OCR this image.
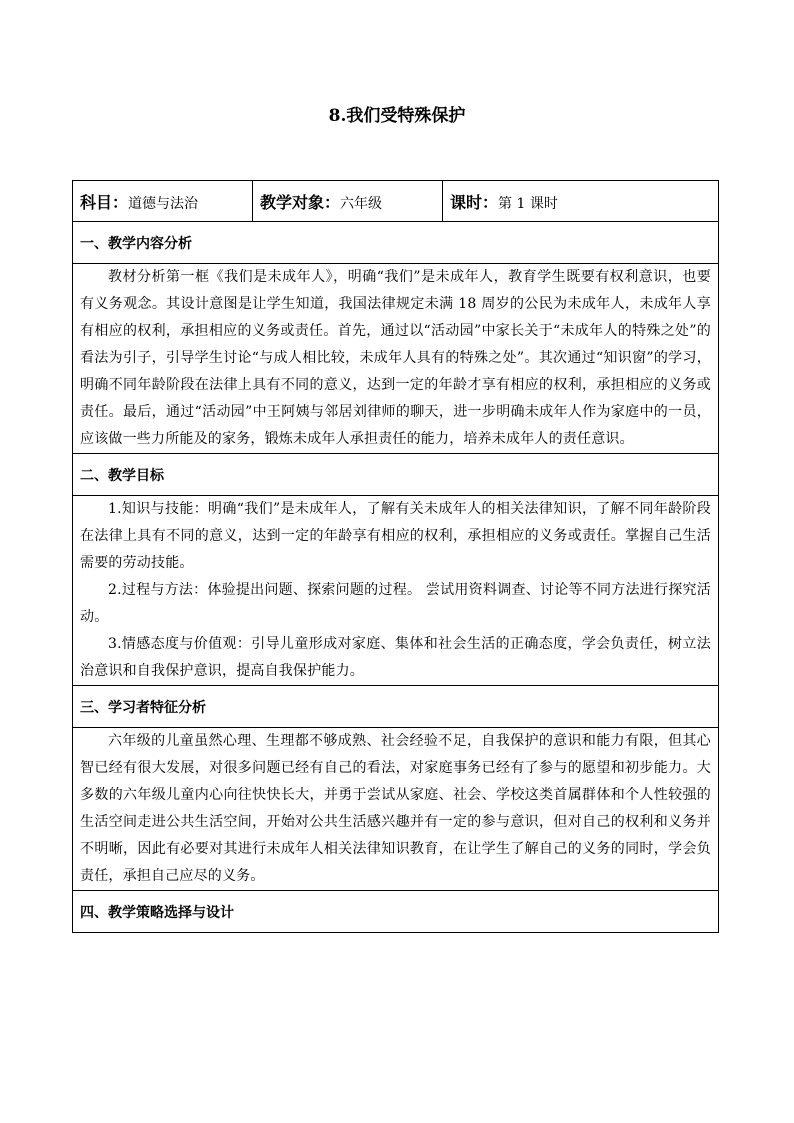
8.我们受特殊保护
科目：道德与法治	教学对象：六年级	课时：第 1 课时
一、教学内容分析

教材分析第一框《我们是未成年人》，明确“我们”是未成年人，教育学生既要有权利意识，也要有义务观念。其设计意图是让学生知道，我国法律规定未满 18 周岁的公民为未成年人，未成年人享有相应的权利，承担相应的义务或责任。首先，通过以“活动园”中家长关于“未成年人的特殊之处”的看法为引子，引导学生讨论“与成人相比较，未成年人具有的特殊之处”。其次通过“知识窗”的学习，明确不同年龄阶段在法律上具有不同的意义，达到一定的年龄才享有相应的权利，承担相应的义务或责任。最后，通过“活动园”中王阿姨与邻居刘律师的聊天，进一步明确未成年人作为家庭中的一员，应该做一些力所能及的家务，锻炼未成年人承担责任的能力，培养未成年人的责任意识。

二、教学目标

1.知识与技能：明确“我们”是未成年人，了解有关未成年人的相关法律知识，了解不同年龄阶段在法律上具有不同的意义，达到一定的年龄享有相应的权利，承担相应的义务或责任。掌握自己生活需要的劳动技能。

2.过程与方法：体验提出问题、探索问题的过程。 尝试用资料调查、讨论等不同方法进行探究活动。

3.情感态度与价值观：引导儿童形成对家庭、集体和社会生活的正确态度，学会负责任，树立法治意识和自我保护意识，提高自我保护能力。

三、学习者特征分析

六年级的儿童虽然心理、生理都不够成熟、社会经验不足，自我保护的意识和能力有限，但其心智已经有很大发展，对很多问题已经有自己的看法，对家庭事务已经有了参与的愿望和初步能力。大多数的六年级儿童内心向往快快长大，并勇于尝试从家庭、社会、学校这类首属群体和个人性较强的生活空间走进公共生活空间，开始对公共生活感兴趣并有一定的参与意识，但对自己的权利和义务并不明晰，因此有必要对其进行未成年人相关法律知识教育，在让学生了解自己的义务的同时，学会负责任，承担自己应尽的义务。

四、教学策略选择与设计
